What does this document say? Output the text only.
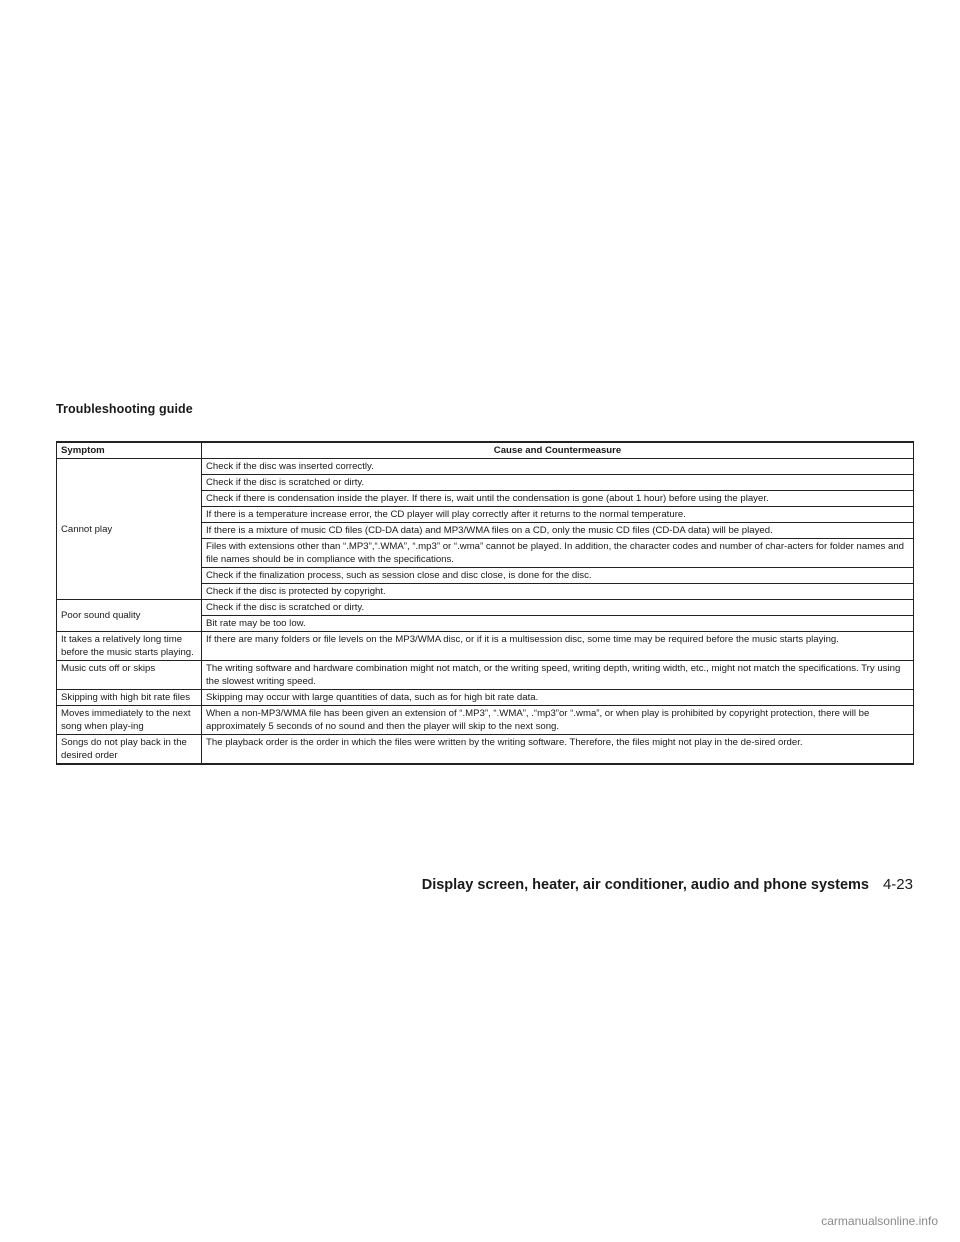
Troubleshooting guide
Symptom	Cause and Countermeasure
Cannot play	Check if the disc was inserted correctly.
	Check if the disc is scratched or dirty.
	Check if there is condensation inside the player. If there is, wait until the condensation is gone (about 1 hour) before using the player.
	If there is a temperature increase error, the CD player will play correctly after it returns to the normal temperature.
	If there is a mixture of music CD files (CD-DA data) and MP3/WMA files on a CD, only the music CD files (CD-DA data) will be played.
	Files with extensions other than “.MP3”,“.WMA”, “.mp3” or “.wma” cannot be played. In addition, the character codes and number of char-acters for folder names and file names should be in compliance with the specifications.
	Check if the finalization process, such as session close and disc close, is done for the disc.
	Check if the disc is protected by copyright.
Poor sound quality	Check if the disc is scratched or dirty.
	Bit rate may be too low.
It takes a relatively long time before the music starts playing.	If there are many folders or file levels on the MP3/WMA disc, or if it is a multisession disc, some time may be required before the music starts playing.
Music cuts off or skips	The writing software and hardware combination might not match, or the writing speed, writing depth, writing width, etc., might not match the specifications. Try using the slowest writing speed.
Skipping with high bit rate files	Skipping may occur with large quantities of data, such as for high bit rate data.
Moves immediately to the next song when play-ing	When a non-MP3/WMA file has been given an extension of “.MP3”, “.WMA”, .“mp3”or “.wma”, or when play is prohibited by copyright protection, there will be approximately 5 seconds of no sound and then the player will skip to the next song.
Songs do not play back in the desired order	The playback order is the order in which the files were written by the writing software. Therefore, the files might not play in the de-sired order.
Display screen, heater, air conditioner, audio and phone systems 4-23
carmanualsonline.info
